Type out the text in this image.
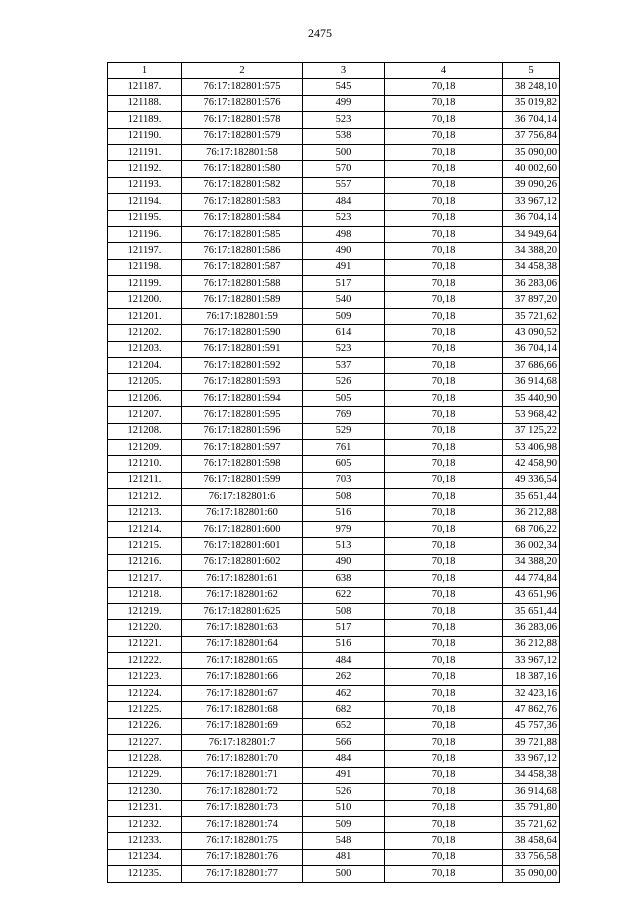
2475
1	2	3	4	5
121187.	76:17:182801:575	545	70,18	38 248,10
121188.	76:17:182801:576	499	70,18	35 019,82
121189.	76:17:182801:578	523	70,18	36 704,14
121190.	76:17:182801:579	538	70,18	37 756,84
121191.	76:17:182801:58	500	70,18	35 090,00
121192.	76:17:182801:580	570	70,18	40 002,60
121193.	76:17:182801:582	557	70,18	39 090,26
121194.	76:17:182801:583	484	70,18	33 967,12
121195.	76:17:182801:584	523	70,18	36 704,14
121196.	76:17:182801:585	498	70,18	34 949,64
121197.	76:17:182801:586	490	70,18	34 388,20
121198.	76:17:182801:587	491	70,18	34 458,38
121199.	76:17:182801:588	517	70,18	36 283,06
121200.	76:17:182801:589	540	70,18	37 897,20
121201.	76:17:182801:59	509	70,18	35 721,62
121202.	76:17:182801:590	614	70,18	43 090,52
121203.	76:17:182801:591	523	70,18	36 704,14
121204.	76:17:182801:592	537	70,18	37 686,66
121205.	76:17:182801:593	526	70,18	36 914,68
121206.	76:17:182801:594	505	70,18	35 440,90
121207.	76:17:182801:595	769	70,18	53 968,42
121208.	76:17:182801:596	529	70,18	37 125,22
121209.	76:17:182801:597	761	70,18	53 406,98
121210.	76:17:182801:598	605	70,18	42 458,90
121211.	76:17:182801:599	703	70,18	49 336,54
121212.	76:17:182801:6	508	70,18	35 651,44
121213.	76:17:182801:60	516	70,18	36 212,88
121214.	76:17:182801:600	979	70,18	68 706,22
121215.	76:17:182801:601	513	70,18	36 002,34
121216.	76:17:182801:602	490	70,18	34 388,20
121217.	76:17:182801:61	638	70,18	44 774,84
121218.	76:17:182801:62	622	70,18	43 651,96
121219.	76:17:182801:625	508	70,18	35 651,44
121220.	76:17:182801:63	517	70,18	36 283,06
121221.	76:17:182801:64	516	70,18	36 212,88
121222.	76:17:182801:65	484	70,18	33 967,12
121223.	76:17:182801:66	262	70,18	18 387,16
121224.	76:17:182801:67	462	70,18	32 423,16
121225.	76:17:182801:68	682	70,18	47 862,76
121226.	76:17:182801:69	652	70,18	45 757,36
121227.	76:17:182801:7	566	70,18	39 721,88
121228.	76:17:182801:70	484	70,18	33 967,12
121229.	76:17:182801:71	491	70,18	34 458,38
121230.	76:17:182801:72	526	70,18	36 914,68
121231.	76:17:182801:73	510	70,18	35 791,80
121232.	76:17:182801:74	509	70,18	35 721,62
121233.	76:17:182801:75	548	70,18	38 458,64
121234.	76:17:182801:76	481	70,18	33 756,58
121235.	76:17:182801:77	500	70,18	35 090,00
